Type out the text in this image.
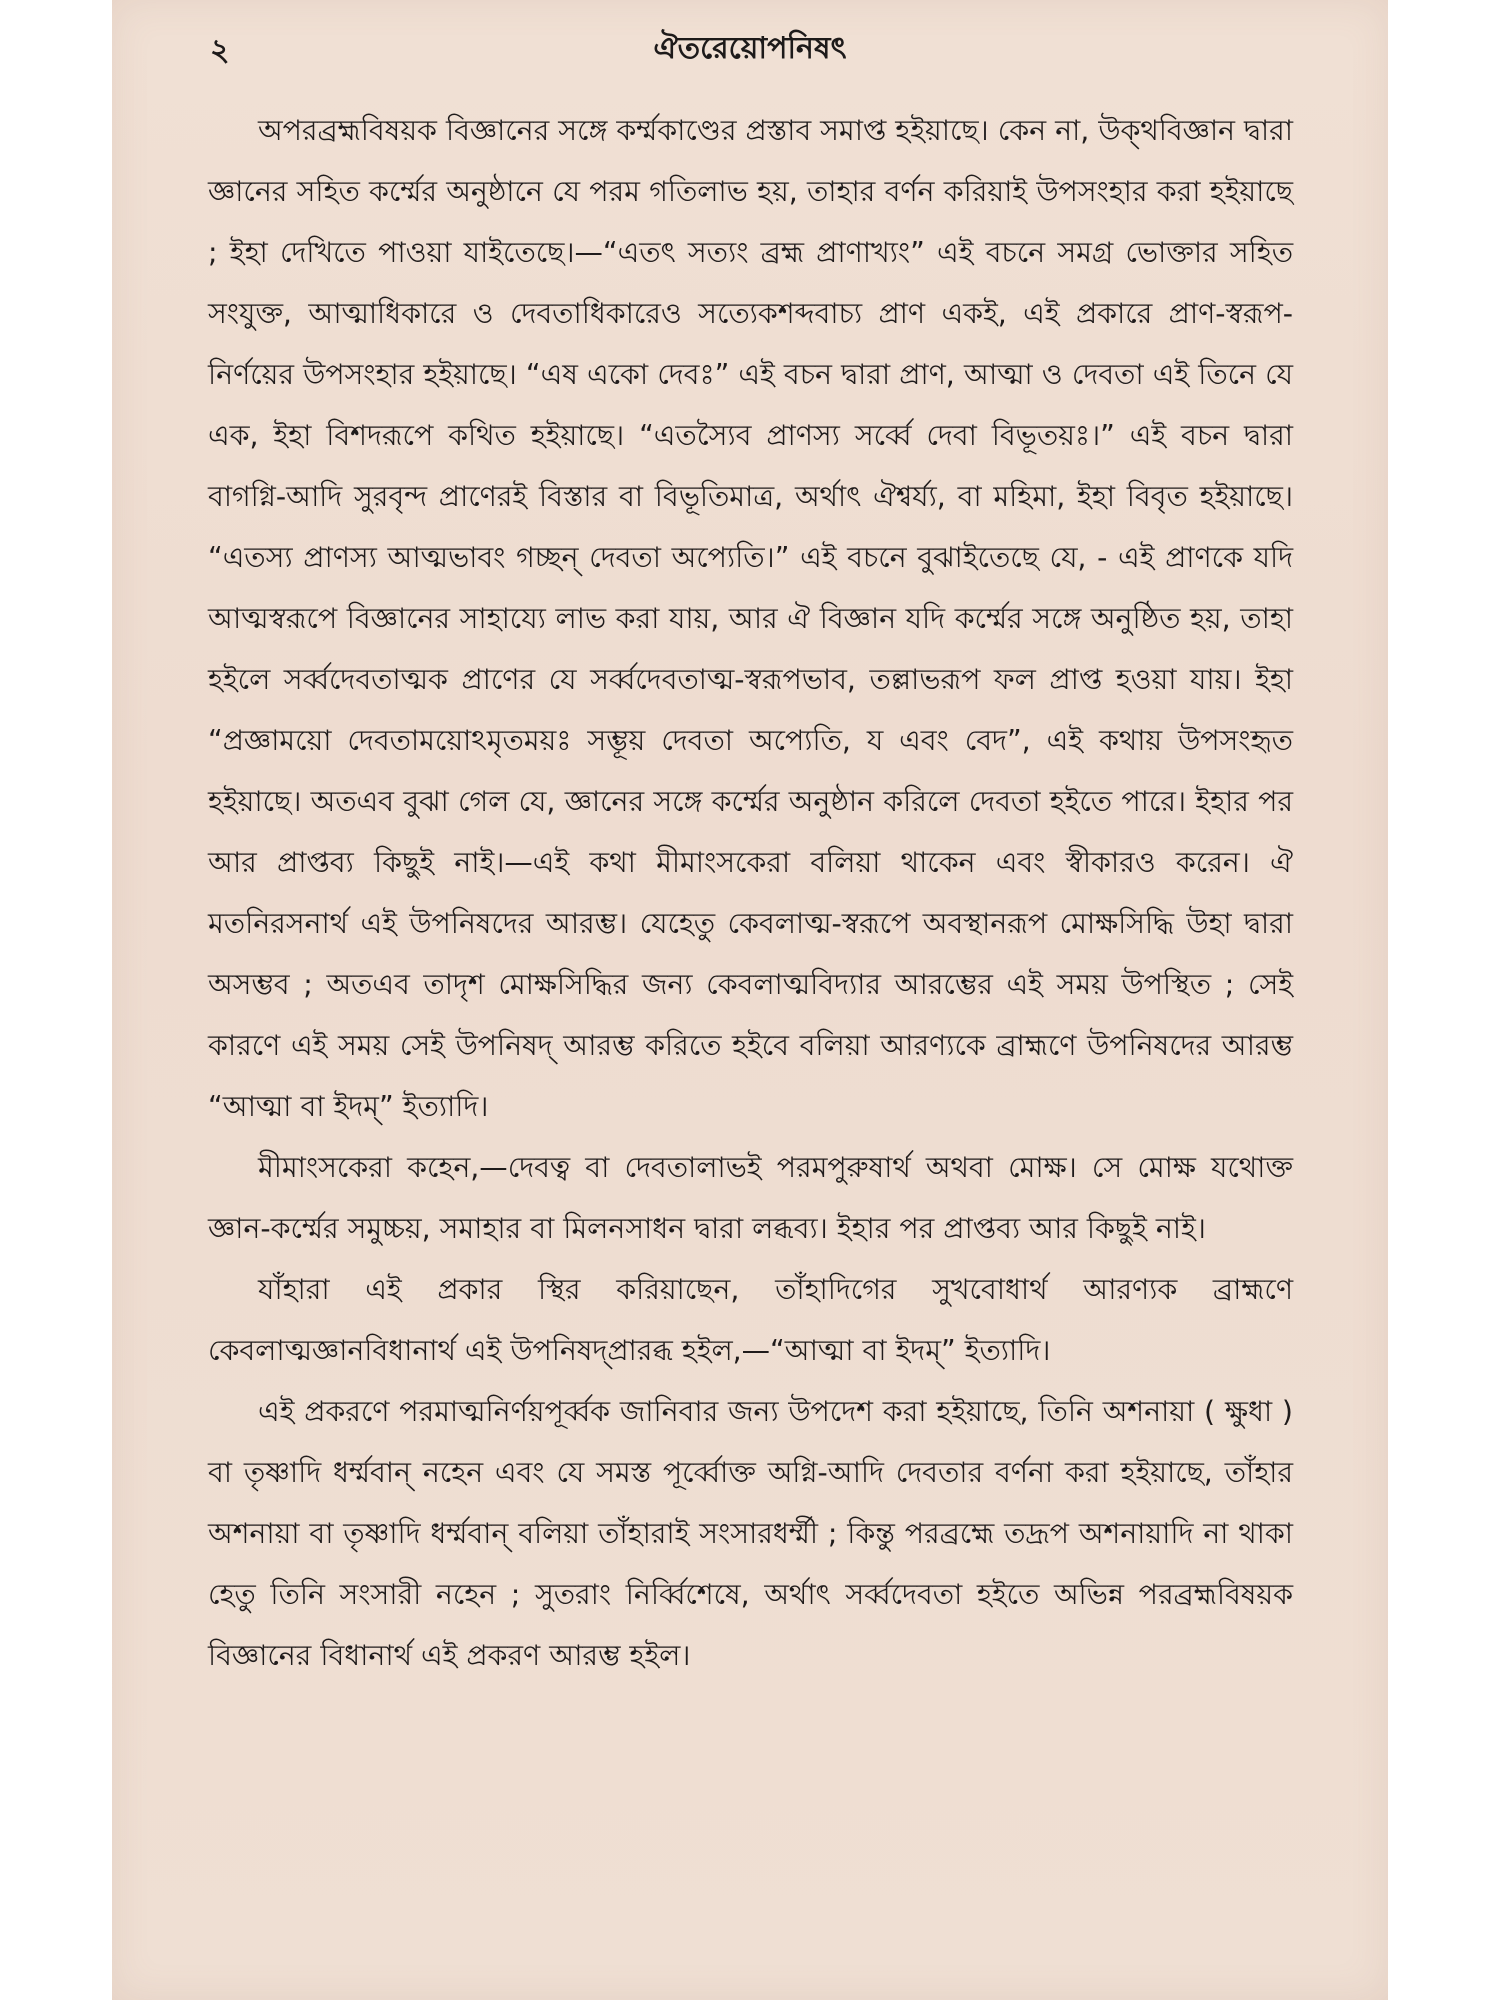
২	ঐতরেয়োপনিষৎ

অপরব্রহ্মবিষয়ক বিজ্ঞানের সঙ্গে কর্ম্মকাণ্ডের প্রস্তাব সমাপ্ত হইয়াছে। কেন না, উক্থবিজ্ঞান দ্বারা জ্ঞানের সহিত কর্ম্মের অনুষ্ঠানে যে পরম গতিলাভ হয়, তাহার বর্ণন করিয়াই উপসংহার করা হইয়াছে ; ইহা দেখিতে পাওয়া যাইতেছে।—“এতৎ সত্যং ব্রহ্ম প্রাণাখ্যং” এই বচনে সমগ্র ভোক্তার সহিত সংযুক্ত, আত্মাধিকারে ও দেবতাধিকারেও সত্যেকশব্দবাচ্য প্রাণ একই, এই প্রকারে প্রাণ-স্বরূপ-নির্ণয়ের উপসংহার হইয়াছে। “এষ একো দেবঃ” এই বচন দ্বারা প্রাণ, আত্মা ও দেবতা এই তিনে যে এক, ইহা বিশদরূপে কথিত হইয়াছে। “এতস্যৈব প্রাণস্য সর্ব্বে দেবা বিভূতয়ঃ।” এই বচন দ্বারা বাগগ্নি-আদি সুরবৃন্দ প্রাণেরই বিস্তার বা বিভূতিমাত্র, অর্থাৎ ঐশ্বর্য্য, বা মহিমা, ইহা বিবৃত হইয়াছে। “এতস্য প্রাণস্য আত্মভাবং গচ্ছন্ দেবতা অপ্যেতি।” এই বচনে বুঝাইতেছে যে, - এই প্রাণকে যদি আত্মস্বরূপে বিজ্ঞানের সাহায্যে লাভ করা যায়, আর ঐ বিজ্ঞান যদি কর্ম্মের সঙ্গে অনুষ্ঠিত হয়, তাহা হইলে সর্ব্বদেবতাত্মক প্রাণের যে সর্ব্বদেবতাত্ম-স্বরূপভাব, তল্লাভরূপ ফল প্রাপ্ত হওয়া যায়। ইহা “প্রজ্ঞাময়ো দেবতাময়োঽমৃতময়ঃ সম্ভূয় দেবতা অপ্যেতি, য এবং বেদ”, এই কথায় উপসংহৃত হইয়াছে। অতএব বুঝা গেল যে, জ্ঞানের সঙ্গে কর্ম্মের অনুষ্ঠান করিলে দেবতা হইতে পারে। ইহার পর আর প্রাপ্তব্য কিছুই নাই।—এই কথা মীমাংসকেরা বলিয়া থাকেন এবং স্বীকারও করেন। ঐ মতনিরসনার্থ এই উপনিষদের আরম্ভ। যেহেতু কেবলাত্ম-স্বরূপে অবস্থানরূপ মোক্ষসিদ্ধি উহা দ্বারা অসম্ভব ; অতএব তাদৃশ মোক্ষসিদ্ধির জন্য কেবলাত্মবিদ্যার আরম্ভের এই সময় উপস্থিত ; সেই কারণে এই সময় সেই উপনিষদ্ আরম্ভ করিতে হইবে বলিয়া আরণ্যকে ব্রাহ্মণে উপনিষদের আরম্ভ “আত্মা বা ইদম্” ইত্যাদি।

মীমাংসকেরা কহেন,—দেবত্ব বা দেবতালাভই পরমপুরুষার্থ অথবা মোক্ষ। সে মোক্ষ যথোক্ত জ্ঞান-কর্ম্মের সমুচ্চয়, সমাহার বা মিলনসাধন দ্বারা লব্ধব্য। ইহার পর প্রাপ্তব্য আর কিছুই নাই।

যাঁহারা এই প্রকার স্থির করিয়াছেন, তাঁহাদিগের সুখবোধার্থ আরণ্যক ব্রাহ্মণে কেবলাত্মজ্ঞানবিধানার্থ এই উপনিষদ্প্রারব্ধ হইল,—“আত্মা বা ইদম্” ইত্যাদি।

এই প্রকরণে পরমাত্মনির্ণয়পূর্ব্বক জানিবার জন্য উপদেশ করা হইয়াছে, তিনি অশনায়া ( ক্ষুধা ) বা তৃষ্ণাদি ধর্ম্মবান্ নহেন এবং যে সমস্ত পূর্ব্বোক্ত অগ্নি-আদি দেবতার বর্ণনা করা হইয়াছে, তাঁহার অশনায়া বা তৃষ্ণাদি ধর্ম্মবান্ বলিয়া তাঁহারাই সংসারধর্ম্মী ; কিন্তু পরব্রহ্মে তদ্রূপ অশনায়াদি না থাকা হেতু তিনি সংসারী নহেন ; সুতরাং নির্ব্বিশেষে, অর্থাৎ সর্ব্বদেবতা হইতে অভিন্ন পরব্রহ্মবিষয়ক বিজ্ঞানের বিধানার্থ এই প্রকরণ আরম্ভ হইল।
